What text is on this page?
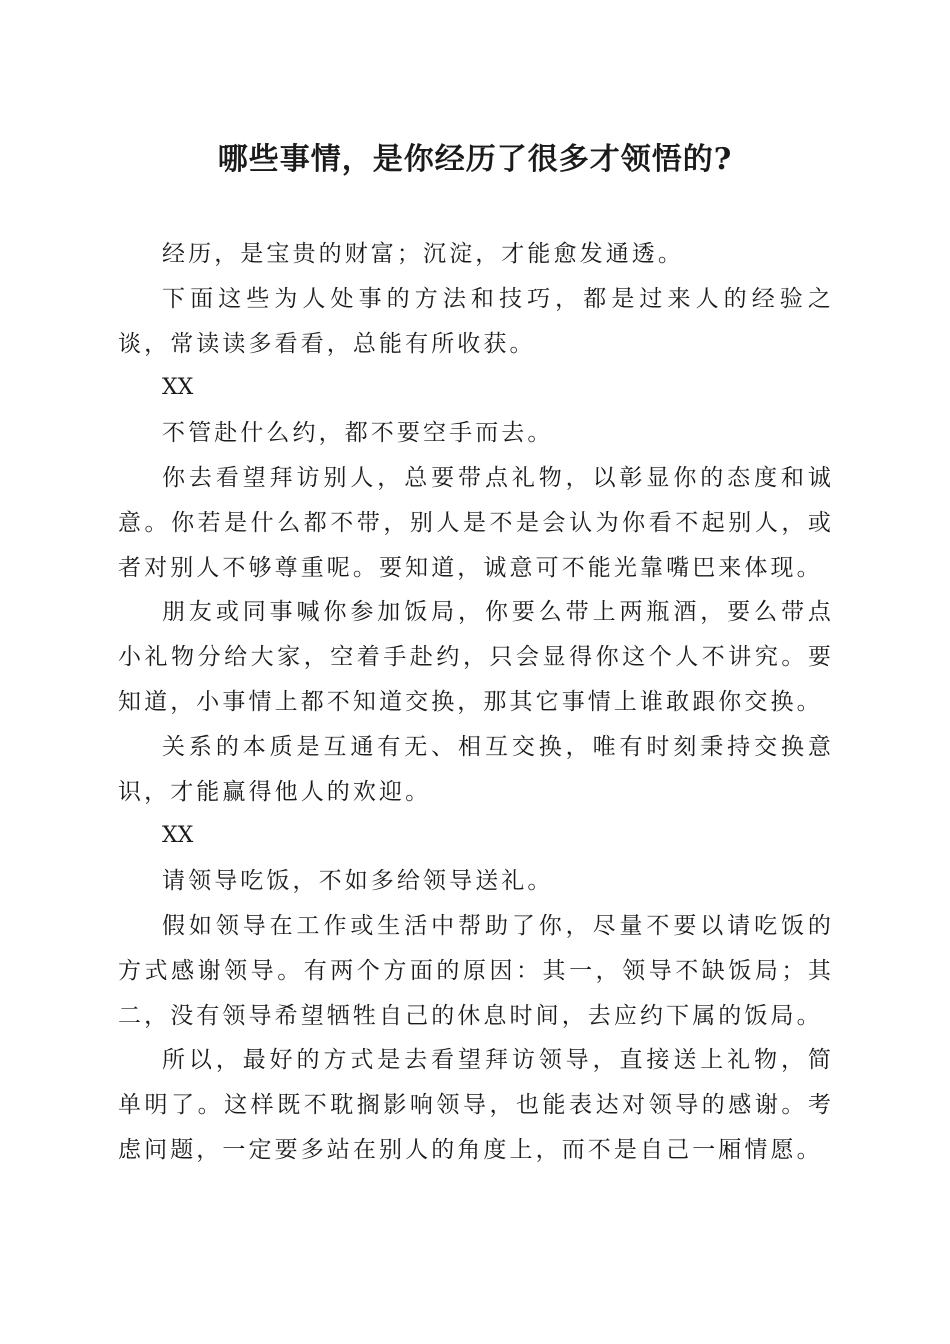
哪些事情，是你经历了很多才领悟的?

经历，是宝贵的财富；沉淀，才能愈发通透。

下面这些为人处事的方法和技巧，都是过来人的经验之谈，常读读多看看，总能有所收获。

XX

不管赴什么约，都不要空手而去。

你去看望拜访别人，总要带点礼物，以彰显你的态度和诚意。你若是什么都不带，别人是不是会认为你看不起别人，或者对别人不够尊重呢。要知道，诚意可不能光靠嘴巴来体现。

朋友或同事喊你参加饭局，你要么带上两瓶酒，要么带点小礼物分给大家，空着手赴约，只会显得你这个人不讲究。要知道，小事情上都不知道交换，那其它事情上谁敢跟你交换。

关系的本质是互通有无、相互交换，唯有时刻秉持交换意识，才能赢得他人的欢迎。

XX

请领导吃饭，不如多给领导送礼。

假如领导在工作或生活中帮助了你，尽量不要以请吃饭的方式感谢领导。有两个方面的原因：其一，领导不缺饭局；其二，没有领导希望牺牲自己的休息时间，去应约下属的饭局。

所以，最好的方式是去看望拜访领导，直接送上礼物，简单明了。这样既不耽搁影响领导，也能表达对领导的感谢。考虑问题，一定要多站在别人的角度上，而不是自己一厢情愿。
